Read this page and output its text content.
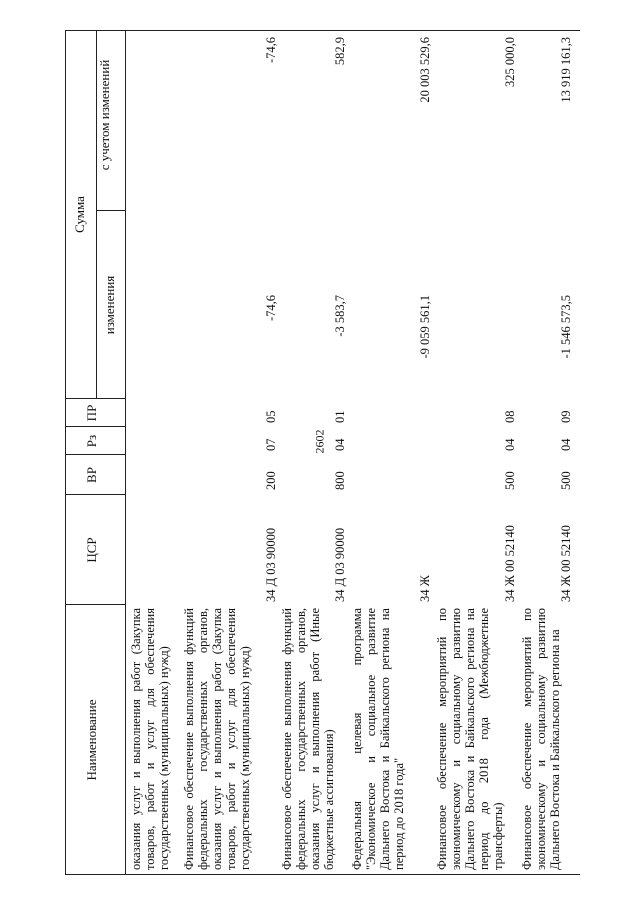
2602
Наименование
ЦСР
ВР
Рз
ПР
Сумма
изменения
с учетом изменений
оказания услуг и выполнения работ (Закупка товаров, работ и услуг для обеспечения государственных (муниципальных) нужд) Финансовое обеспечение выполнения функций федеральных государственных органов, оказания услуг и выполнения работ (Закупка товаров, работ и услуг для обеспечения государственных (муниципальных) нужд)
34 Д 03 90000
200
07
05
-74,6
-74,6
Финансовое обеспечение выполнения функций федеральных государственных органов, оказания услуг и выполнения работ (Иные бюджетные ассигнования)
34 Д 03 90000
800
04
01
-3 583,7
582,9
Федеральная целевая программа "Экономическое и социальное развитие Дальнего Востока и Байкальского региона на период до 2018 года"
34 Ж
-9 059 561,1
20 003 529,6
Финансовое обеспечение мероприятий по экономическому и социальному развитию Дальнего Востока и Байкальского региона на период до 2018 года (Межбюджетные трансферты)
34 Ж 00 52140
500
04
08
325 000,0
Финансовое обеспечение мероприятий по экономическому и социальному развитию Дальнего Востока и Байкальского региона на
34 Ж 00 52140
500
04
09
-1 546 573,5
13 919 161,3
